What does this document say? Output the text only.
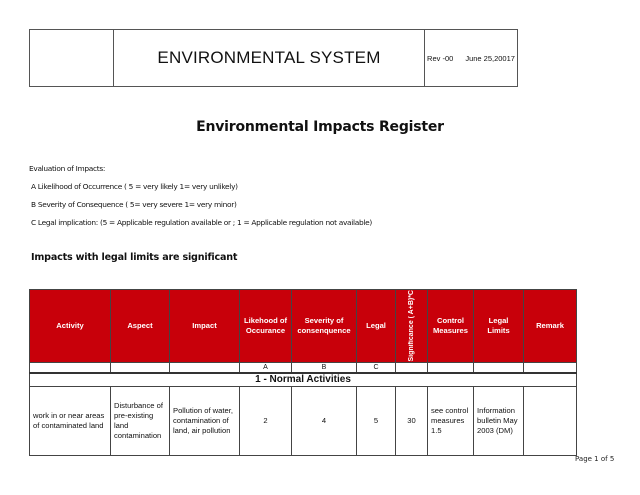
ENVIRONMENTAL SYSTEM	Rev -00 June 25,20017
Environmental Impacts Register
Evaluation of Impacts:
A Likelihood of Occurrence ( 5 = very likely 1= very unlikely)
B Severity of Consequence ( 5= very severe 1= very minor)
C Legal implication: (5 = Applicable regulation available or ; 1 = Applicable regulation not available)
Impacts with legal limits are significant
Activity	Aspect	Impact	Likehood of Occurance	Severity of consenquence	Legal	Significance ( A+B)*C	Control Measures	Legal Limits	Remark
			A	B	C				
1 - Normal Activities									
work in or near areas of contaminated land	Disturbance of pre-existing land contamination	Pollution of water, contamination of land, air pollution	2	4	5	30	see control measures 1.5	Information bulletin May 2003 (DM)	
Page 1 of 5
